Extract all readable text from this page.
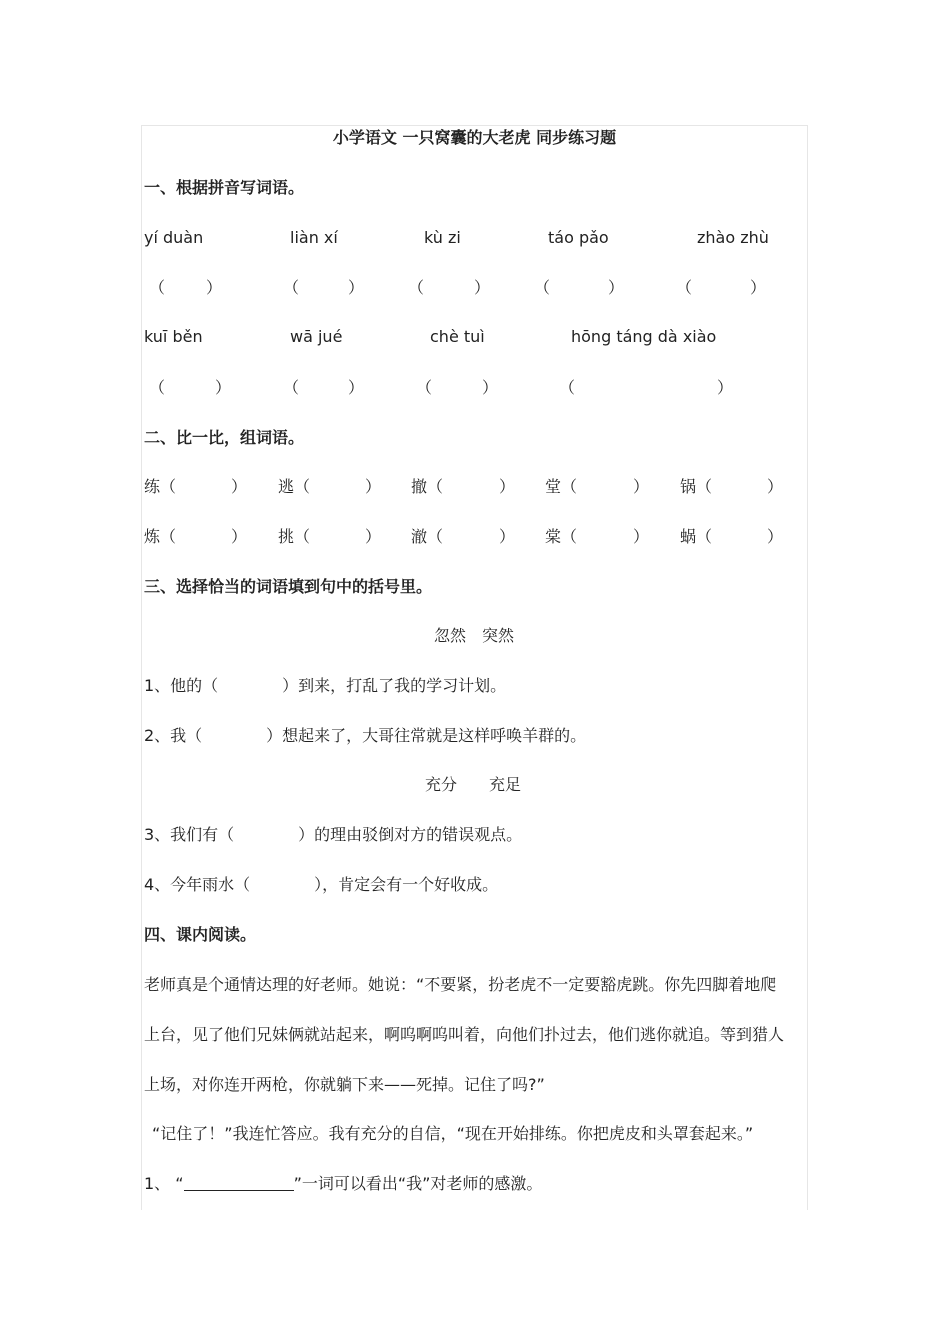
小学语文 一只窝囊的大老虎 同步练习题
一、根据拼音写词语。
yí duàn	liàn xí	kù zi	táo pǎo	zhào zhù
（	）	（	）	（	）	（	）	（	）
kuī běn	wā jué	chè tuì	hōng táng dà xiào
（	）	（	）	（	）	（	）
二、比一比，组词语。
练（	） 逃（	） 撤（	） 堂（	） 锅（	）
炼（	） 挑（	） 澈（	） 棠（	） 蜗（	）
三、选择恰当的词语填到句中的括号里。
忽然　突然
1、他的（　　　　）到来，打乱了我的学习计划。
2、我（　　　　）想起来了，大哥往常就是这样呼唤羊群的。
充分　　充足
3、我们有（　　　　）的理由驳倒对方的错误观点。
4、今年雨水（　　　　），肯定会有一个好收成。
四、课内阅读。
老师真是个通情达理的好老师。她说：“不要紧，扮老虎不一定要豁虎跳。你先四脚着地爬
上台，见了他们兄妹俩就站起来，啊呜啊呜叫着，向他们扑过去，他们逃你就追。等到猎人
上场，对你连开两枪，你就躺下来——死掉。记住了吗?”
“记住了！”我连忙答应。我有充分的自信，“现在开始排练。你把虎皮和头罩套起来。”
1、 “	”一词可以看出“我”对老师的感激。
